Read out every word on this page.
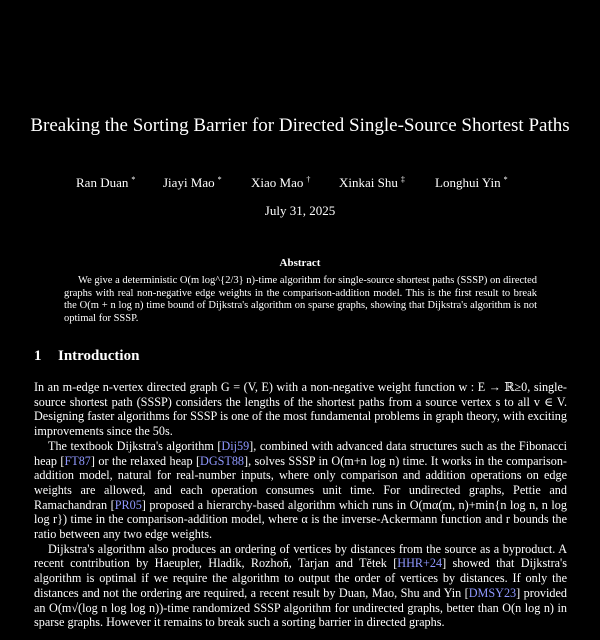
Breaking the Sorting Barrier for Directed Single-Source Shortest Paths
Ran Duan * Jiayi Mao * Xiao Mao † Xinkai Shu ‡ Longhui Yin *
July 31, 2025
Abstract

We give a deterministic O(m log^{2/3} n)-time algorithm for single-source shortest paths (SSSP) on directed graphs with real non-negative edge weights in the comparison-addition model. This is the first result to break the O(m + n log n) time bound of Dijkstra's algorithm on sparse graphs, showing that Dijkstra's algorithm is not optimal for SSSP.

1 Introduction

In an m-edge n-vertex directed graph G = (V, E) with a non-negative weight function w : E → ℝ≥0, single-source shortest path (SSSP) considers the lengths of the shortest paths from a source vertex s to all v ∈ V. Designing faster algorithms for SSSP is one of the most fundamental problems in graph theory, with exciting improvements since the 50s.

The textbook Dijkstra's algorithm [Dij59], combined with advanced data structures such as the Fibonacci heap [FT87] or the relaxed heap [DGST88], solves SSSP in O(m+n log n) time. It works in the comparison-addition model, natural for real-number inputs, where only comparison and addition operations on edge weights are allowed, and each operation consumes unit time. For undirected graphs, Pettie and Ramachandran [PR05] proposed a hierarchy-based algorithm which runs in O(mα(m, n)+min{n log n, n log log r}) time in the comparison-addition model, where α is the inverse-Ackermann function and r bounds the ratio between any two edge weights.

Dijkstra's algorithm also produces an ordering of vertices by distances from the source as a byproduct. A recent contribution by Haeupler, Hladík, Rozhoň, Tarjan and Tětek [HHR+24] showed that Dijkstra's algorithm is optimal if we require the algorithm to output the order of vertices by distances. If only the distances and not the ordering are required, a recent result by Duan, Mao, Shu and Yin [DMSY23] provided an O(m√(log n log log n))-time randomized SSSP algorithm for undirected graphs, better than O(n log n) in sparse graphs. However it remains to break such a sorting barrier in directed graphs.
